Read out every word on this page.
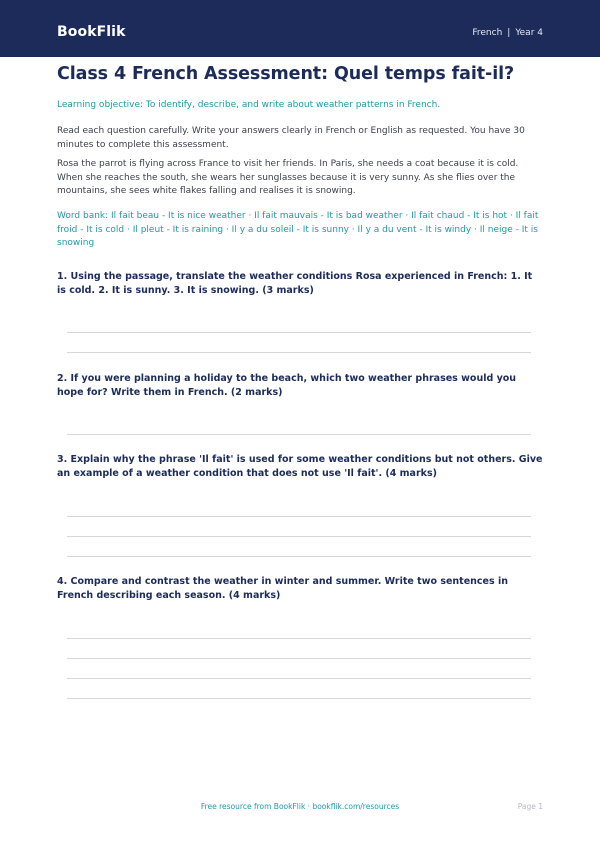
BookFlik	French | Year 4
Class 4 French Assessment: Quel temps fait-il?
Learning objective: To identify, describe, and write about weather patterns in French.
Read each question carefully. Write your answers clearly in French or English as requested. You have 30 minutes to complete this assessment.
Rosa the parrot is flying across France to visit her friends. In Paris, she needs a coat because it is cold. When she reaches the south, she wears her sunglasses because it is very sunny. As she flies over the mountains, she sees white flakes falling and realises it is snowing.
Word bank: Il fait beau - It is nice weather · Il fait mauvais - It is bad weather · Il fait chaud - It is hot · Il fait froid - It is cold · Il pleut - It is raining · Il y a du soleil - It is sunny · Il y a du vent - It is windy · Il neige - It is snowing
1. Using the passage, translate the weather conditions Rosa experienced in French: 1. It is cold. 2. It is sunny. 3. It is snowing. (3 marks)
2. If you were planning a holiday to the beach, which two weather phrases would you hope for? Write them in French. (2 marks)
3. Explain why the phrase 'Il fait' is used for some weather conditions but not others. Give an example of a weather condition that does not use 'Il fait'. (4 marks)
4. Compare and contrast the weather in winter and summer. Write two sentences in French describing each season. (4 marks)
Free resource from BookFlik · bookflik.com/resources	Page 1
